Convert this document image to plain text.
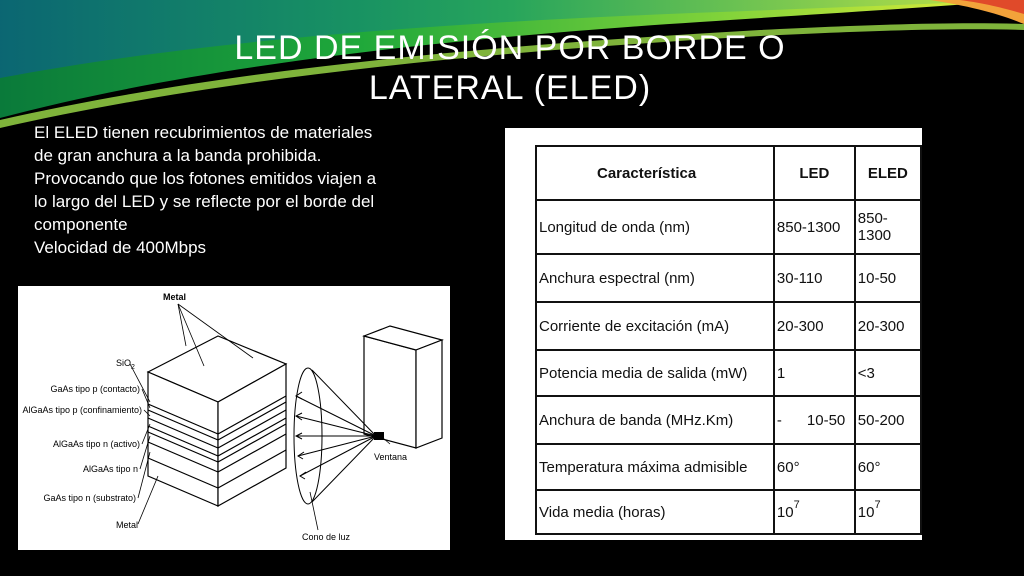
LED DE EMISIÓN POR BORDE O LATERAL (ELED)

El ELED tienen recubrimientos de materiales de gran anchura a la banda prohibida. Provocando que los fotones emitidos viajen a lo largo del LED y se reflecte por el borde del componente

Velocidad de 400Mbps

Metal
SiO$_2$
GaAs tipo p (contacto)
AlGaAs tipo p (confinamiento)
AlGaAs tipo n (activo)
AlGaAs tipo n
GaAs tipo n (substrato)
Metal
Ventana
Cono de luz
Característica	LED	ELED
Longitud de onda (nm)	850-1300	850-1300
Anchura espectral (nm)	30-110	10-50
Corriente de excitación (mA)	20-300	20-300
Potencia media de salida (mW)	1	<3
Anchura de banda (MHz.Km)	-      10-50	50-200
Temperatura máxima admisible	60°	60°
Vida media (horas)	$10^7$	$10^7$
